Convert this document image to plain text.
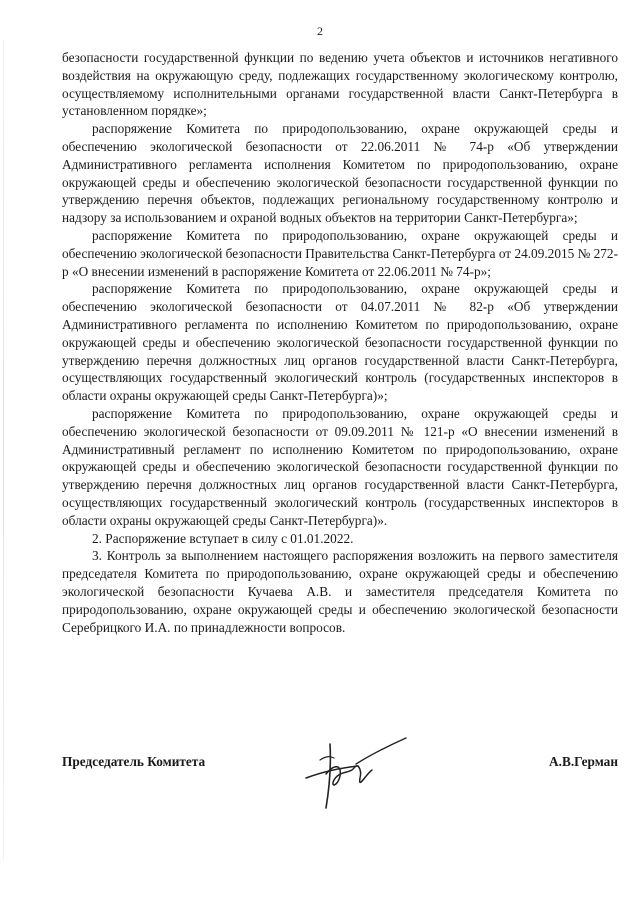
2

безопасности государственной функции по ведению учета объектов и источников негативного воздействия на окружающую среду, подлежащих государственному экологическому контролю, осуществляемому исполнительными органами государственной власти Санкт-Петербурга в установленном порядке»;

распоряжение Комитета по природопользованию, охране окружающей среды и обеспечению экологической безопасности от 22.06.2011 № 74-р «Об утверждении Административного регламента исполнения Комитетом по природопользованию, охране окружающей среды и обеспечению экологической безопасности государственной функции по утверждению перечня объектов, подлежащих региональному государственному контролю и надзору за использованием и охраной водных объектов на территории Санкт-Петербурга»;

распоряжение Комитета по природопользованию, охране окружающей среды и обеспечению экологической безопасности Правительства Санкт-Петербурга от 24.09.2015 № 272-р «О внесении изменений в распоряжение Комитета от 22.06.2011 № 74-р»;

распоряжение Комитета по природопользованию, охране окружающей среды и обеспечению экологической безопасности от 04.07.2011 № 82-р «Об утверждении Административного регламента по исполнению Комитетом по природопользованию, охране окружающей среды и обеспечению экологической безопасности государственной функции по утверждению перечня должностных лиц органов государственной власти Санкт-Петербурга, осуществляющих государственный экологический контроль (государственных инспекторов в области охраны окружающей среды Санкт-Петербурга)»;

распоряжение Комитета по природопользованию, охране окружающей среды и обеспечению экологической безопасности от 09.09.2011 № 121-р «О внесении изменений в Административный регламент по исполнению Комитетом по природопользованию, охране окружающей среды и обеспечению экологической безопасности государственной функции по утверждению перечня должностных лиц органов государственной власти Санкт-Петербурга, осуществляющих государственный экологический контроль (государственных инспекторов в области охраны окружающей среды Санкт-Петербурга)».

2. Распоряжение вступает в силу с 01.01.2022.

3. Контроль за выполнением настоящего распоряжения возложить на первого заместителя председателя Комитета по природопользованию, охране окружающей среды и обеспечению экологической безопасности Кучаева А.В. и заместителя председателя Комитета по природопользованию, охране окружающей среды и обеспечению экологической безопасности Серебрицкого И.А. по принадлежности вопросов.

Председатель Комитета	А.В.Герман
